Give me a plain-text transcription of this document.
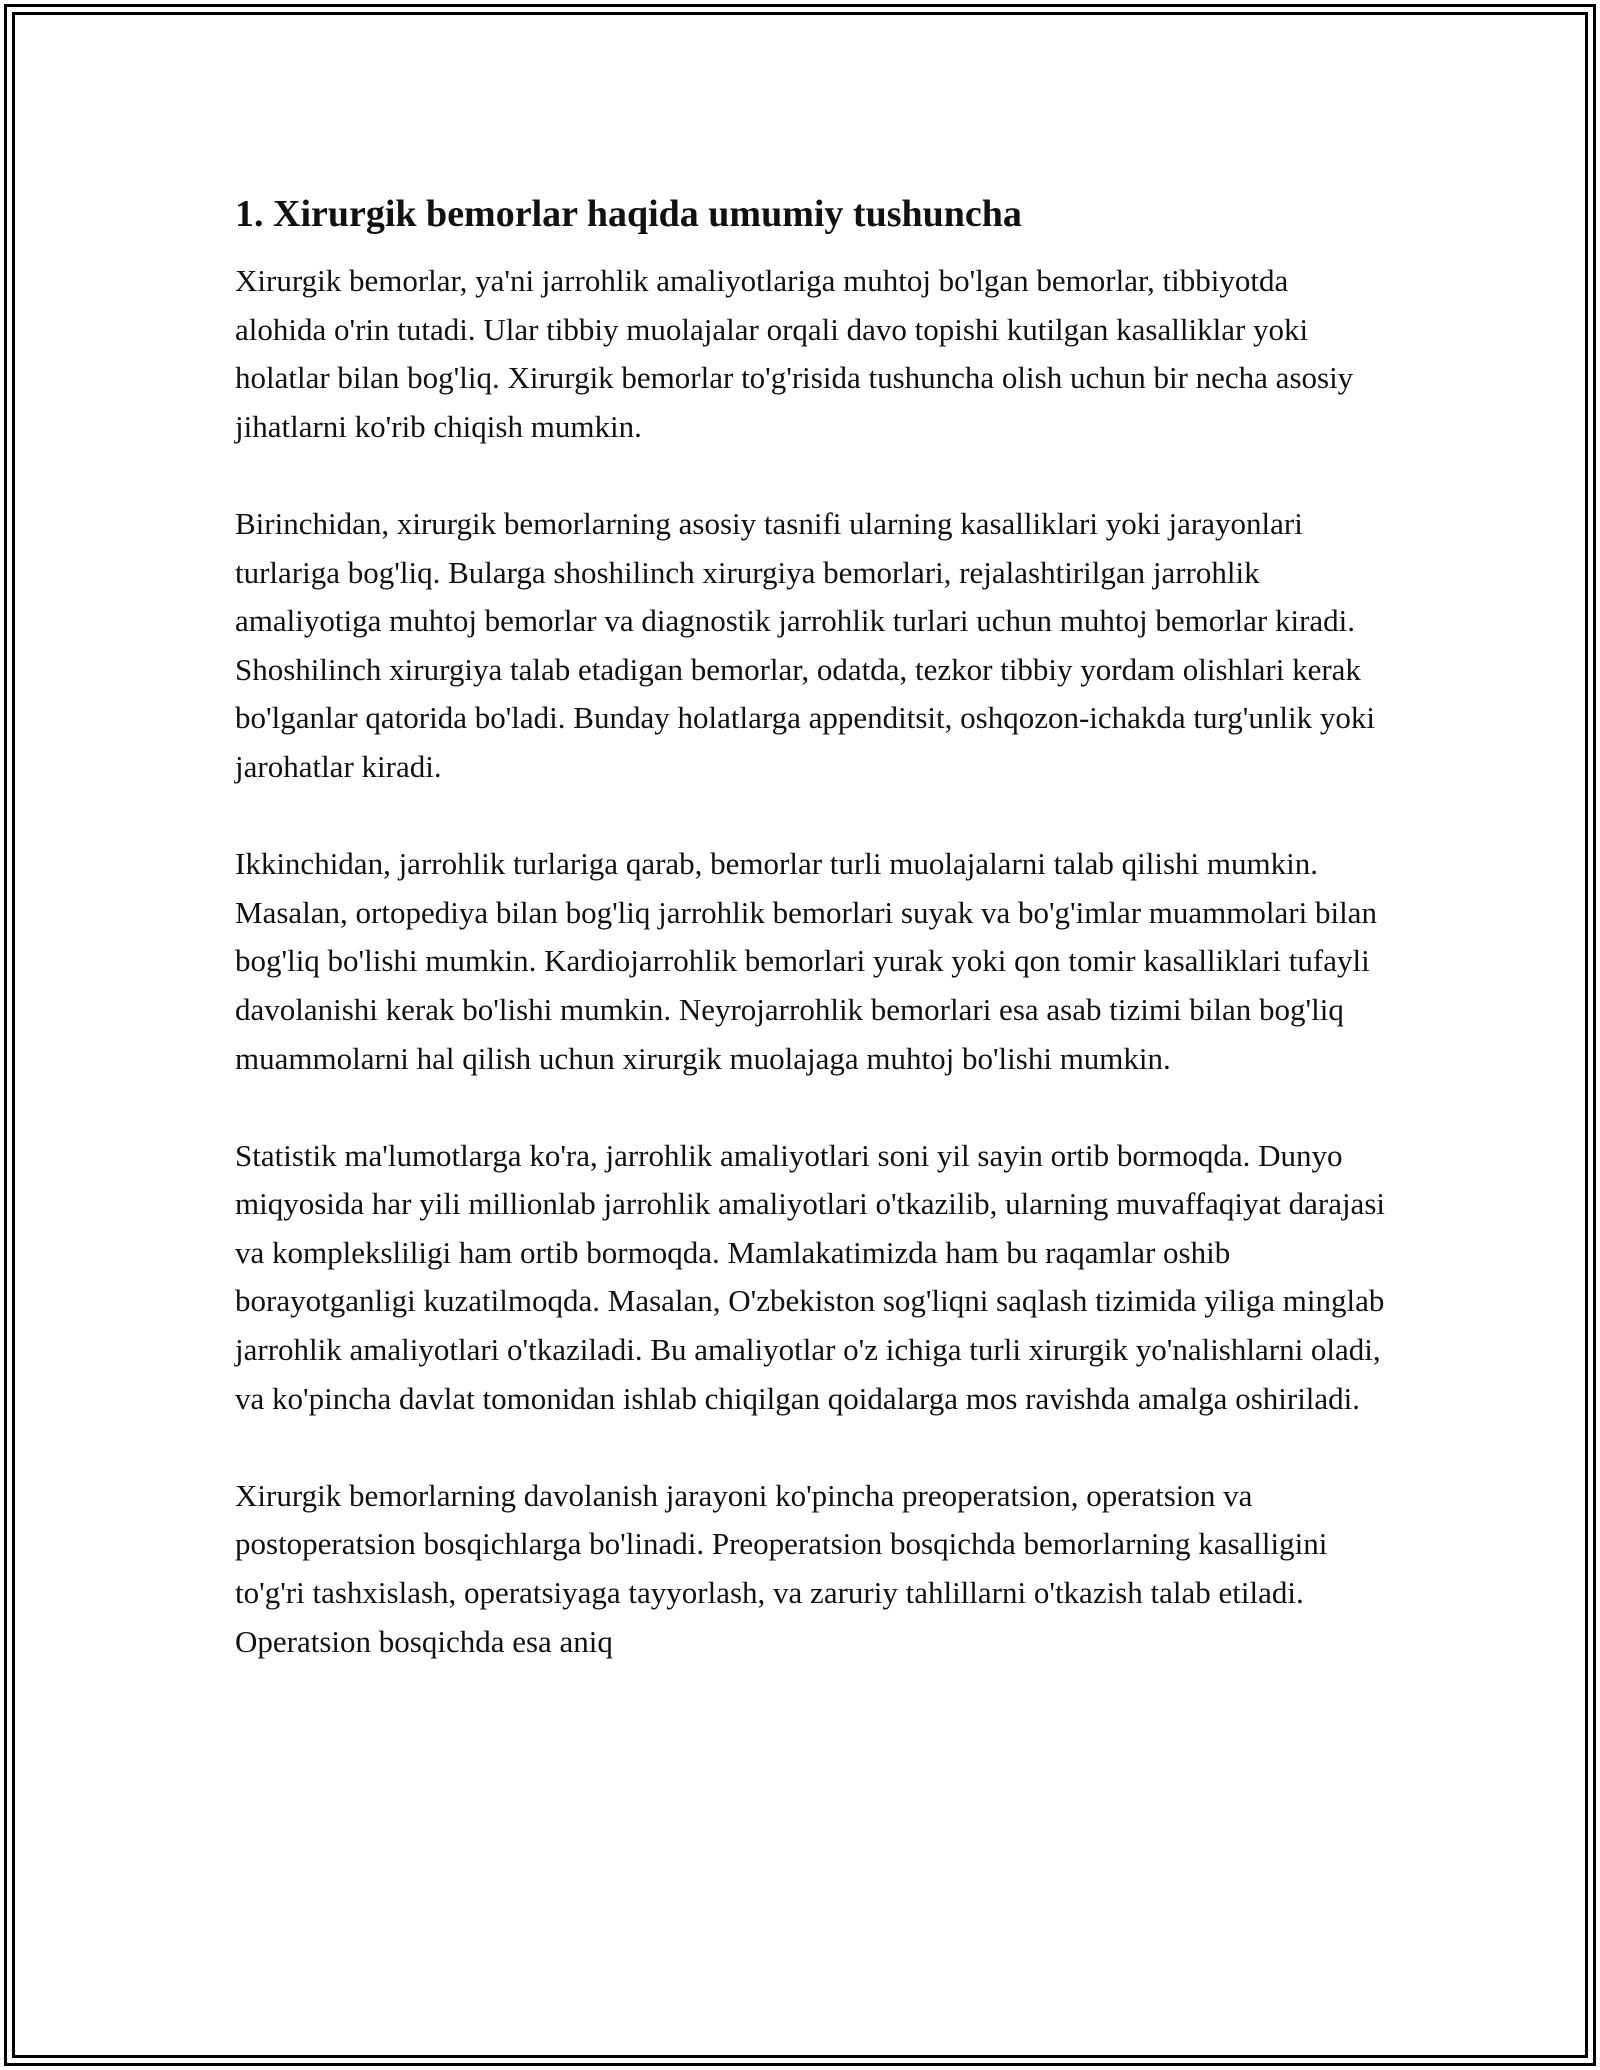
1. Xirurgik bemorlar haqida umumiy tushuncha

Xirurgik bemorlar, ya'ni jarrohlik amaliyotlariga muhtoj bo'lgan bemorlar, tibbiyotda alohida o'rin tutadi. Ular tibbiy muolajalar orqali davo topishi kutilgan kasalliklar yoki holatlar bilan bog'liq. Xirurgik bemorlar to'g'risida tushuncha olish uchun bir necha asosiy jihatlarni ko'rib chiqish mumkin.

Birinchidan, xirurgik bemorlarning asosiy tasnifi ularning kasalliklari yoki jarayonlari turlariga bog'liq. Bularga shoshilinch xirurgiya bemorlari, rejalashtirilgan jarrohlik amaliyotiga muhtoj bemorlar va diagnostik jarrohlik turlari uchun muhtoj bemorlar kiradi. Shoshilinch xirurgiya talab etadigan bemorlar, odatda, tezkor tibbiy yordam olishlari kerak bo'lganlar qatorida bo'ladi. Bunday holatlarga appenditsit, oshqozon-ichakda turg'unlik yoki jarohatlar kiradi.

Ikkinchidan, jarrohlik turlariga qarab, bemorlar turli muolajalarni talab qilishi mumkin. Masalan, ortopediya bilan bog'liq jarrohlik bemorlari suyak va bo'g'imlar muammolari bilan bog'liq bo'lishi mumkin. Kardiojarrohlik bemorlari yurak yoki qon tomir kasalliklari tufayli davolanishi kerak bo'lishi mumkin. Neyrojarrohlik bemorlari esa asab tizimi bilan bog'liq muammolarni hal qilish uchun xirurgik muolajaga muhtoj bo'lishi mumkin.

Statistik ma'lumotlarga ko'ra, jarrohlik amaliyotlari soni yil sayin ortib bormoqda. Dunyo miqyosida har yili millionlab jarrohlik amaliyotlari o'tkazilib, ularning muvaffaqiyat darajasi va kompleksliligi ham ortib bormoqda. Mamlakatimizda ham bu raqamlar oshib borayotganligi kuzatilmoqda. Masalan, O'zbekiston sog'liqni saqlash tizimida yiliga minglab jarrohlik amaliyotlari o'tkaziladi. Bu amaliyotlar o'z ichiga turli xirurgik yo'nalishlarni oladi, va ko'pincha davlat tomonidan ishlab chiqilgan qoidalarga mos ravishda amalga oshiriladi.

Xirurgik bemorlarning davolanish jarayoni ko'pincha preoperatsion, operatsion va postoperatsion bosqichlarga bo'linadi. Preoperatsion bosqichda bemorlarning kasalligini to'g'ri tashxislash, operatsiyaga tayyorlash, va zaruriy tahlillarni o'tkazish talab etiladi. Operatsion bosqichda esa aniq
